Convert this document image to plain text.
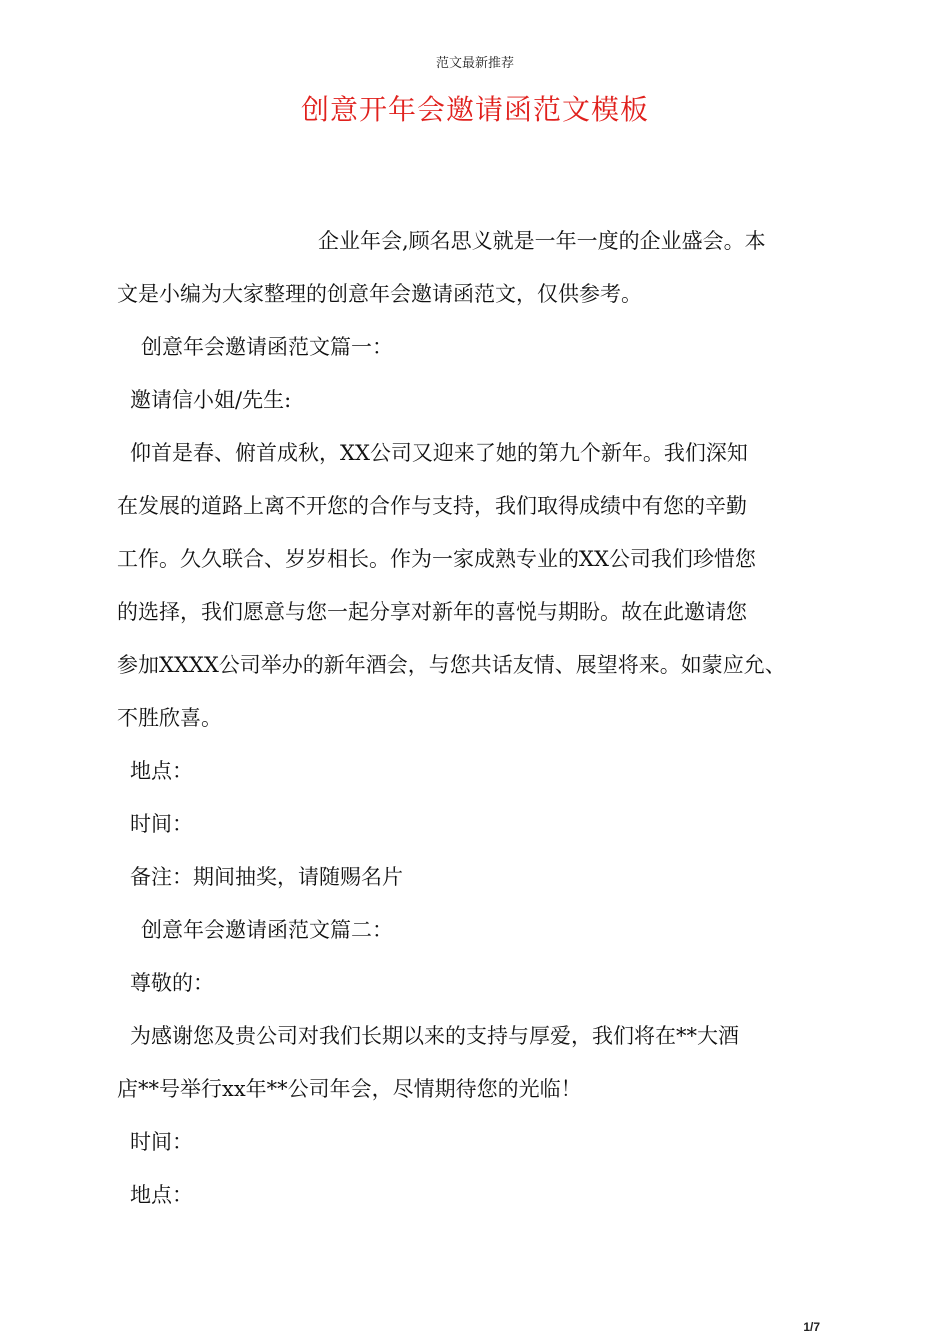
范文最新推荐
创意开年会邀请函范文模板
企业年会,顾名思义就是一年一度的企业盛会。本
文是小编为大家整理的创意年会邀请函范文，仅供参考。
创意年会邀请函范文篇一：
邀请信小姐/先生:
仰首是春、俯首成秋，XX公司又迎来了她的第九个新年。我们深知
在发展的道路上离不开您的合作与支持，我们取得成绩中有您的辛勤
工作。久久联合、岁岁相长。作为一家成熟专业的XX公司我们珍惜您
的选择，我们愿意与您一起分享对新年的喜悦与期盼。故在此邀请您
参加XXXX公司举办的新年酒会，与您共话友情、展望将来。如蒙应允、
不胜欣喜。
地点：
时间：
备注：期间抽奖，请随赐名片
创意年会邀请函范文篇二：
尊敬的：
为感谢您及贵公司对我们长期以来的支持与厚爱，我们将在**大酒
店**号举行xx年**公司年会，尽情期待您的光临！
时间：
地点：
1/7
